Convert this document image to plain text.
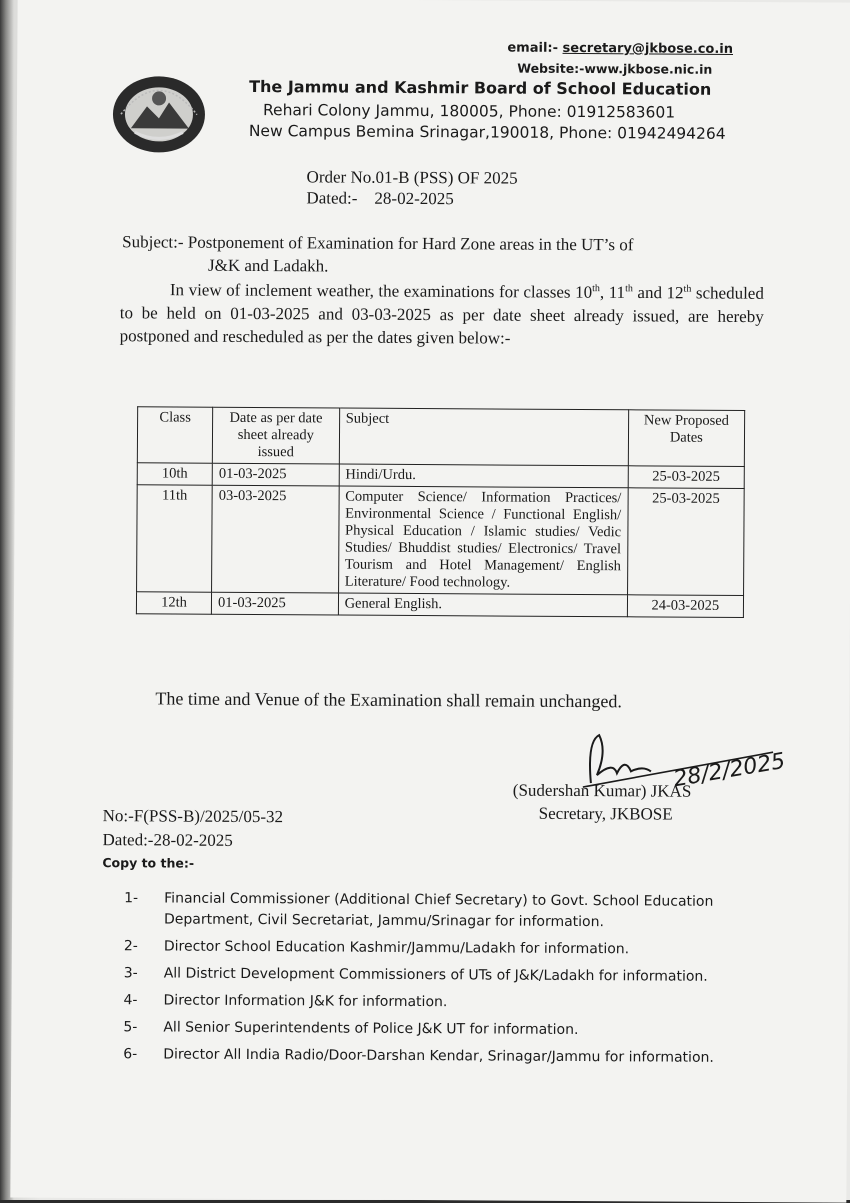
email:- secretary@jkbose.co.in
Website:-www.jkbose.nic.in
The Jammu and Kashmir Board of School Education
Rehari Colony Jammu, 180005, Phone: 01912583601
New Campus Bemina Srinagar,190018, Phone: 01942494264
Order No.01-B (PSS) OF 2025
Dated:- 28-02-2025
Subject:- Postponement of Examination for Hard Zone areas in the UT’s of
J&K and Ladakh.
In view of inclement weather, the examinations for classes 10th, 11th and 12th scheduled to be held on 01-03-2025 and 03-03-2025 as per date sheet already issued, are hereby postponed and rescheduled as per the dates given below:-
Class	Date as per date sheet already issued	Subject	New Proposed Dates
10th	01-03-2025	Hindi/Urdu.	25-03-2025
11th	03-03-2025	Computer Science/ Information Practices/ Environmental Science / Functional English/ Physical Education / Islamic studies/ Vedic Studies/ Bhuddist studies/ Electronics/ Travel Tourism and Hotel Management/ English Literature/ Food technology.	25-03-2025
12th	01-03-2025	General English.	24-03-2025
The time and Venue of the Examination shall remain unchanged.
28/2/2025
(Sudershan Kumar) JKAS
Secretary, JKBOSE
No:-F(PSS-B)/2025/05-32
Dated:-28-02-2025
Copy to the:-
1- Financial Commissioner (Additional Chief Secretary) to Govt. School Education Department, Civil Secretariat, Jammu/Srinagar for information.
2- Director School Education Kashmir/Jammu/Ladakh for information.
3- All District Development Commissioners of UTs of J&K/Ladakh for information.
4- Director Information J&K for information.
5- All Senior Superintendents of Police J&K UT for information.
6- Director All India Radio/Door-Darshan Kendar, Srinagar/Jammu for information.
